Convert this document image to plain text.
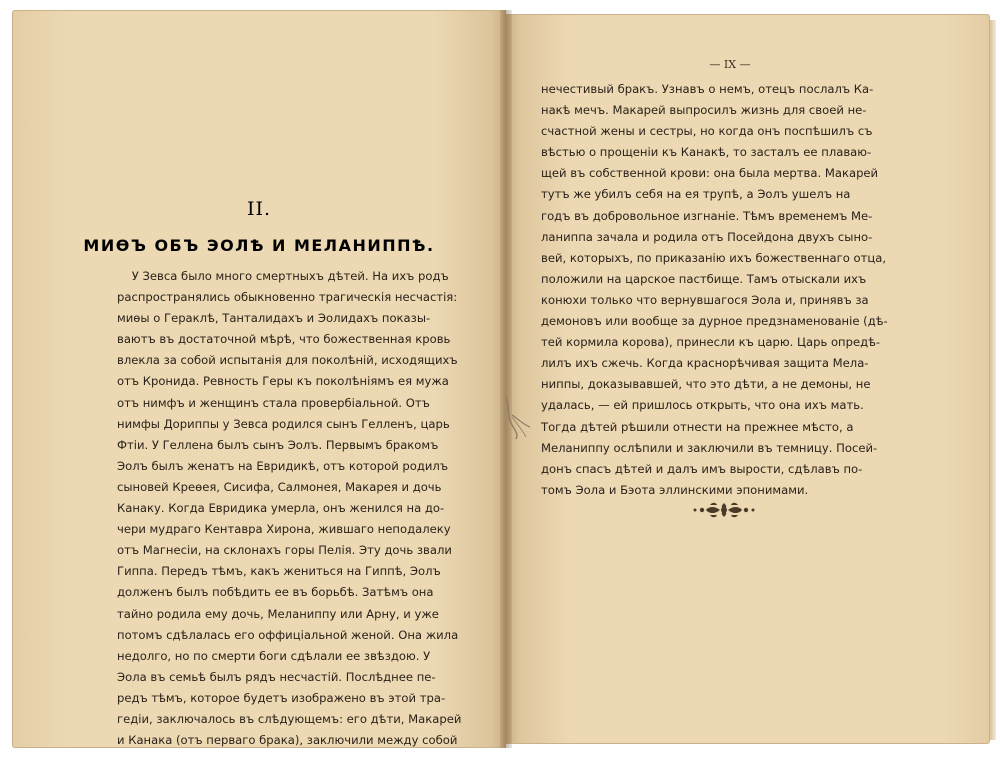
II.
МИѲЪ ОБЪ ЭОЛѢ И МЕЛАНИППѢ.
У Зевса было много смертныхъ дѣтей. На ихъ родъ
распространялись обыкновенно трагическія несчастія:
миѳы о Гераклѣ, Танталидахъ и Эолидахъ показы-
ваютъ въ достаточной мѣрѣ, что божественная кровь
влекла за собой испытанія для поколѣній, исходящихъ
отъ Кронида. Ревность Геры къ поколѣніямъ ея мужа
отъ нимфъ и женщинъ стала провербіальной. Отъ
нимфы Дориппы у Зевса родился сынъ Гелленъ, царь
Фтіи. У Геллена былъ сынъ Эолъ. Первымъ бракомъ
Эолъ былъ женатъ на Евридикѣ, отъ которой родилъ
сыновей Креѳея, Сисифа, Салмонея, Макарея и дочь
Канаку. Когда Евридика умерла, онъ женился на до-
чери мудраго Кентавра Хирона, жившаго неподалеку
отъ Магнесіи, на склонахъ горы Пелія. Эту дочь звали
Гиппа. Передъ тѣмъ, какъ жениться на Гиппѣ, Эолъ
долженъ былъ побѣдить ее въ борьбѣ. Затѣмъ она
тайно родила ему дочь, Меланиппу или Арну, и уже
потомъ сдѣлалась его оффиціальной женой. Она жила
недолго, но по смерти боги сдѣлали ее звѣздою. У
Эола въ семьѣ былъ рядъ несчастій. Послѣднее пе-
редъ тѣмъ, которое будетъ изображено въ этой тра-
гедіи, заключалось въ слѣдующемъ: его дѣти, Макарей
и Канака (отъ перваго брака), заключили между собой
— IX —
нечестивый бракъ. Узнавъ о немъ, отецъ послалъ Ка-
накѣ мечъ. Макарей выпросилъ жизнь для своей не-
счастной жены и сестры, но когда онъ поспѣшилъ съ
вѣстью о прощеніи къ Канакѣ, то засталъ ее плаваю-
щей въ собственной крови: она была мертва. Макарей
тутъ же убилъ себя на ея трупѣ, а Эолъ ушелъ на
годъ въ добровольное изгнаніе. Тѣмъ временемъ Ме-
ланиппа зачала и родила отъ Посейдона двухъ сыно-
вей, которыхъ, по приказанію ихъ божественнаго отца,
положили на царское пастбище. Тамъ отыскали ихъ
конюхи только что вернувшагося Эола и, принявъ за
демоновъ или вообще за дурное предзнаменованіе (дѣ-
тей кормила корова), принесли къ царю. Царь опредѣ-
лилъ ихъ сжечь. Когда краснорѣчивая защита Мела-
ниппы, доказывавшей, что это дѣти, а не демоны, не
удалась, — ей пришлось открыть, что она ихъ мать.
Тогда дѣтей рѣшили отнести на прежнее мѣсто, а
Меланиппу ослѣпили и заключили въ темницу. Посей-
донъ спасъ дѣтей и далъ имъ вырости, сдѣлавъ по-
томъ Эола и Бэота эллинскими эпонимами.
